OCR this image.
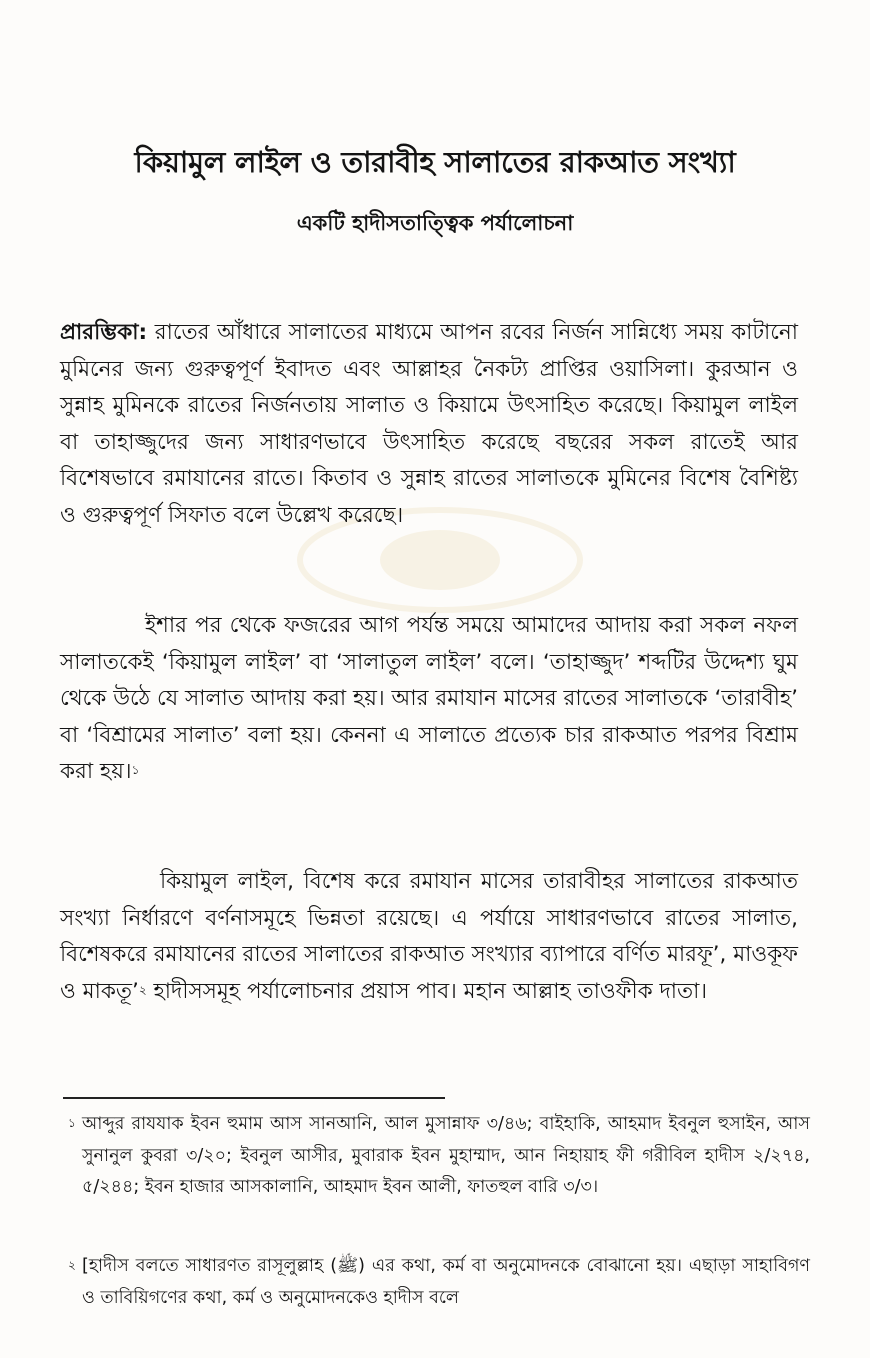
কিয়ামুল লাইল ও তারাবীহ সালাতের রাকআত সংখ্যা
একটি হাদীসতাত্ত্বিক পর্যালোচনা

প্রারম্ভিকা: রাতের আঁধারে সালাতের মাধ্যমে আপন রবের নির্জন সান্নিধ্যে সময় কাটানো মুমিনের জন্য গুরুত্বপূর্ণ ইবাদত এবং আল্লাহর নৈকট্য প্রাপ্তির ওয়াসিলা। কুরআন ও সুন্নাহ মুমিনকে রাতের নির্জনতায় সালাত ও কিয়ামে উৎসাহিত করেছে। কিয়ামুল লাইল বা তাহাজ্জুদের জন্য সাধারণভাবে উৎসাহিত করেছে বছরের সকল রাতেই আর বিশেষভাবে রমাযানের রাতে। কিতাব ও সুন্নাহ রাতের সালাতকে মুমিনের বিশেষ বৈশিষ্ট্য ও গুরুত্বপূর্ণ সিফাত বলে উল্লেখ করেছে।

ইশার পর থেকে ফজরের আগ পর্যন্ত সময়ে আমাদের আদায় করা সকল নফল সালাতকেই ‘কিয়ামুল লাইল’ বা ‘সালাতুল লাইল’ বলে। ‘তাহাজ্জুদ’ শব্দটির উদ্দেশ্য ঘুম থেকে উঠে যে সালাত আদায় করা হয়। আর রমাযান মাসের রাতের সালাতকে ‘তারাবীহ’ বা ‘বিশ্রামের সালাত’ বলা হয়। কেননা এ সালাতে প্রত্যেক চার রাকআত পরপর বিশ্রাম করা হয়।$^১$

কিয়ামুল লাইল, বিশেষ করে রমাযান মাসের তারাবীহর সালাতের রাকআত সংখ্যা নির্ধারণে বর্ণনাসমূহে ভিন্নতা রয়েছে। এ পর্যায়ে সাধারণভাবে রাতের সালাত, বিশেষকরে রমাযানের রাতের সালাতের রাকআত সংখ্যার ব্যাপারে বর্ণিত মারফূ’, মাওকূফ ও মাকতূ’$^২$ হাদীসসমূহ পর্যালোচনার প্রয়াস পাব। মহান আল্লাহ তাওফীক দাতা।

১ আব্দুর রাযযাক ইবন হুমাম আস সানআনি, আল মুসান্নাফ ৩/৪৬; বাইহাকি, আহমাদ ইবনুল হুসাইন, আস সুনানুল কুবরা ৩/২০; ইবনুল আসীর, মুবারাক ইবন মুহাম্মাদ, আন নিহায়াহ ফী গরীবিল হাদীস ২/২৭৪, ৫/২৪৪; ইবন হাজার আসকালানি, আহমাদ ইবন আলী, ফাতহুল বারি ৩/৩।

২ [হাদীস বলতে সাধারণত রাসূলুল্লাহ (ﷺ) এর কথা, কর্ম বা অনুমোদনকে বোঝানো হয়। এছাড়া সাহাবিগণ ও তাবিয়িগণের কথা, কর্ম ও অনুমোদনকেও হাদীস বলে
